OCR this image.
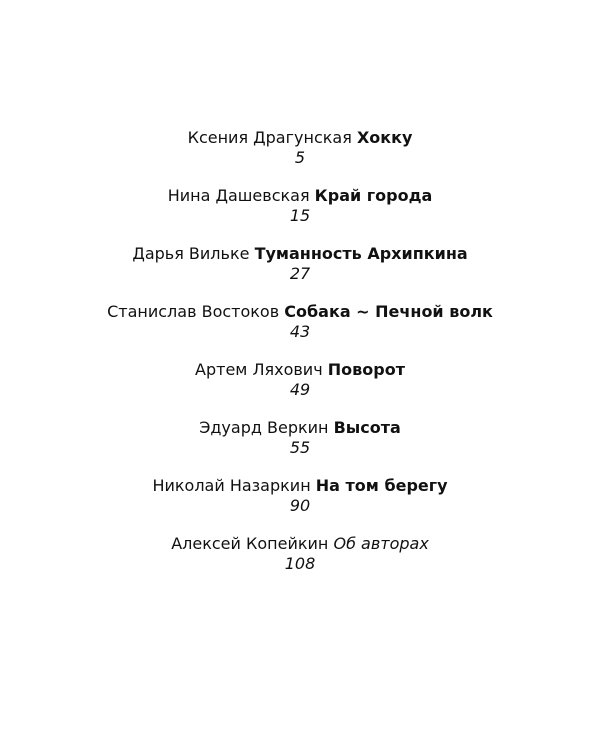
Ксения Драгунская Хокку
5
Нина Дашевская Край города
15
Дарья Вильке Туманность Архипкина
27
Станислав Востоков Собака ~ Печной волк
43
Артем Ляхович Поворот
49
Эдуард Веркин Высота
55
Николай Назаркин На том берегу
90
Алексей Копейкин Об авторах
108
